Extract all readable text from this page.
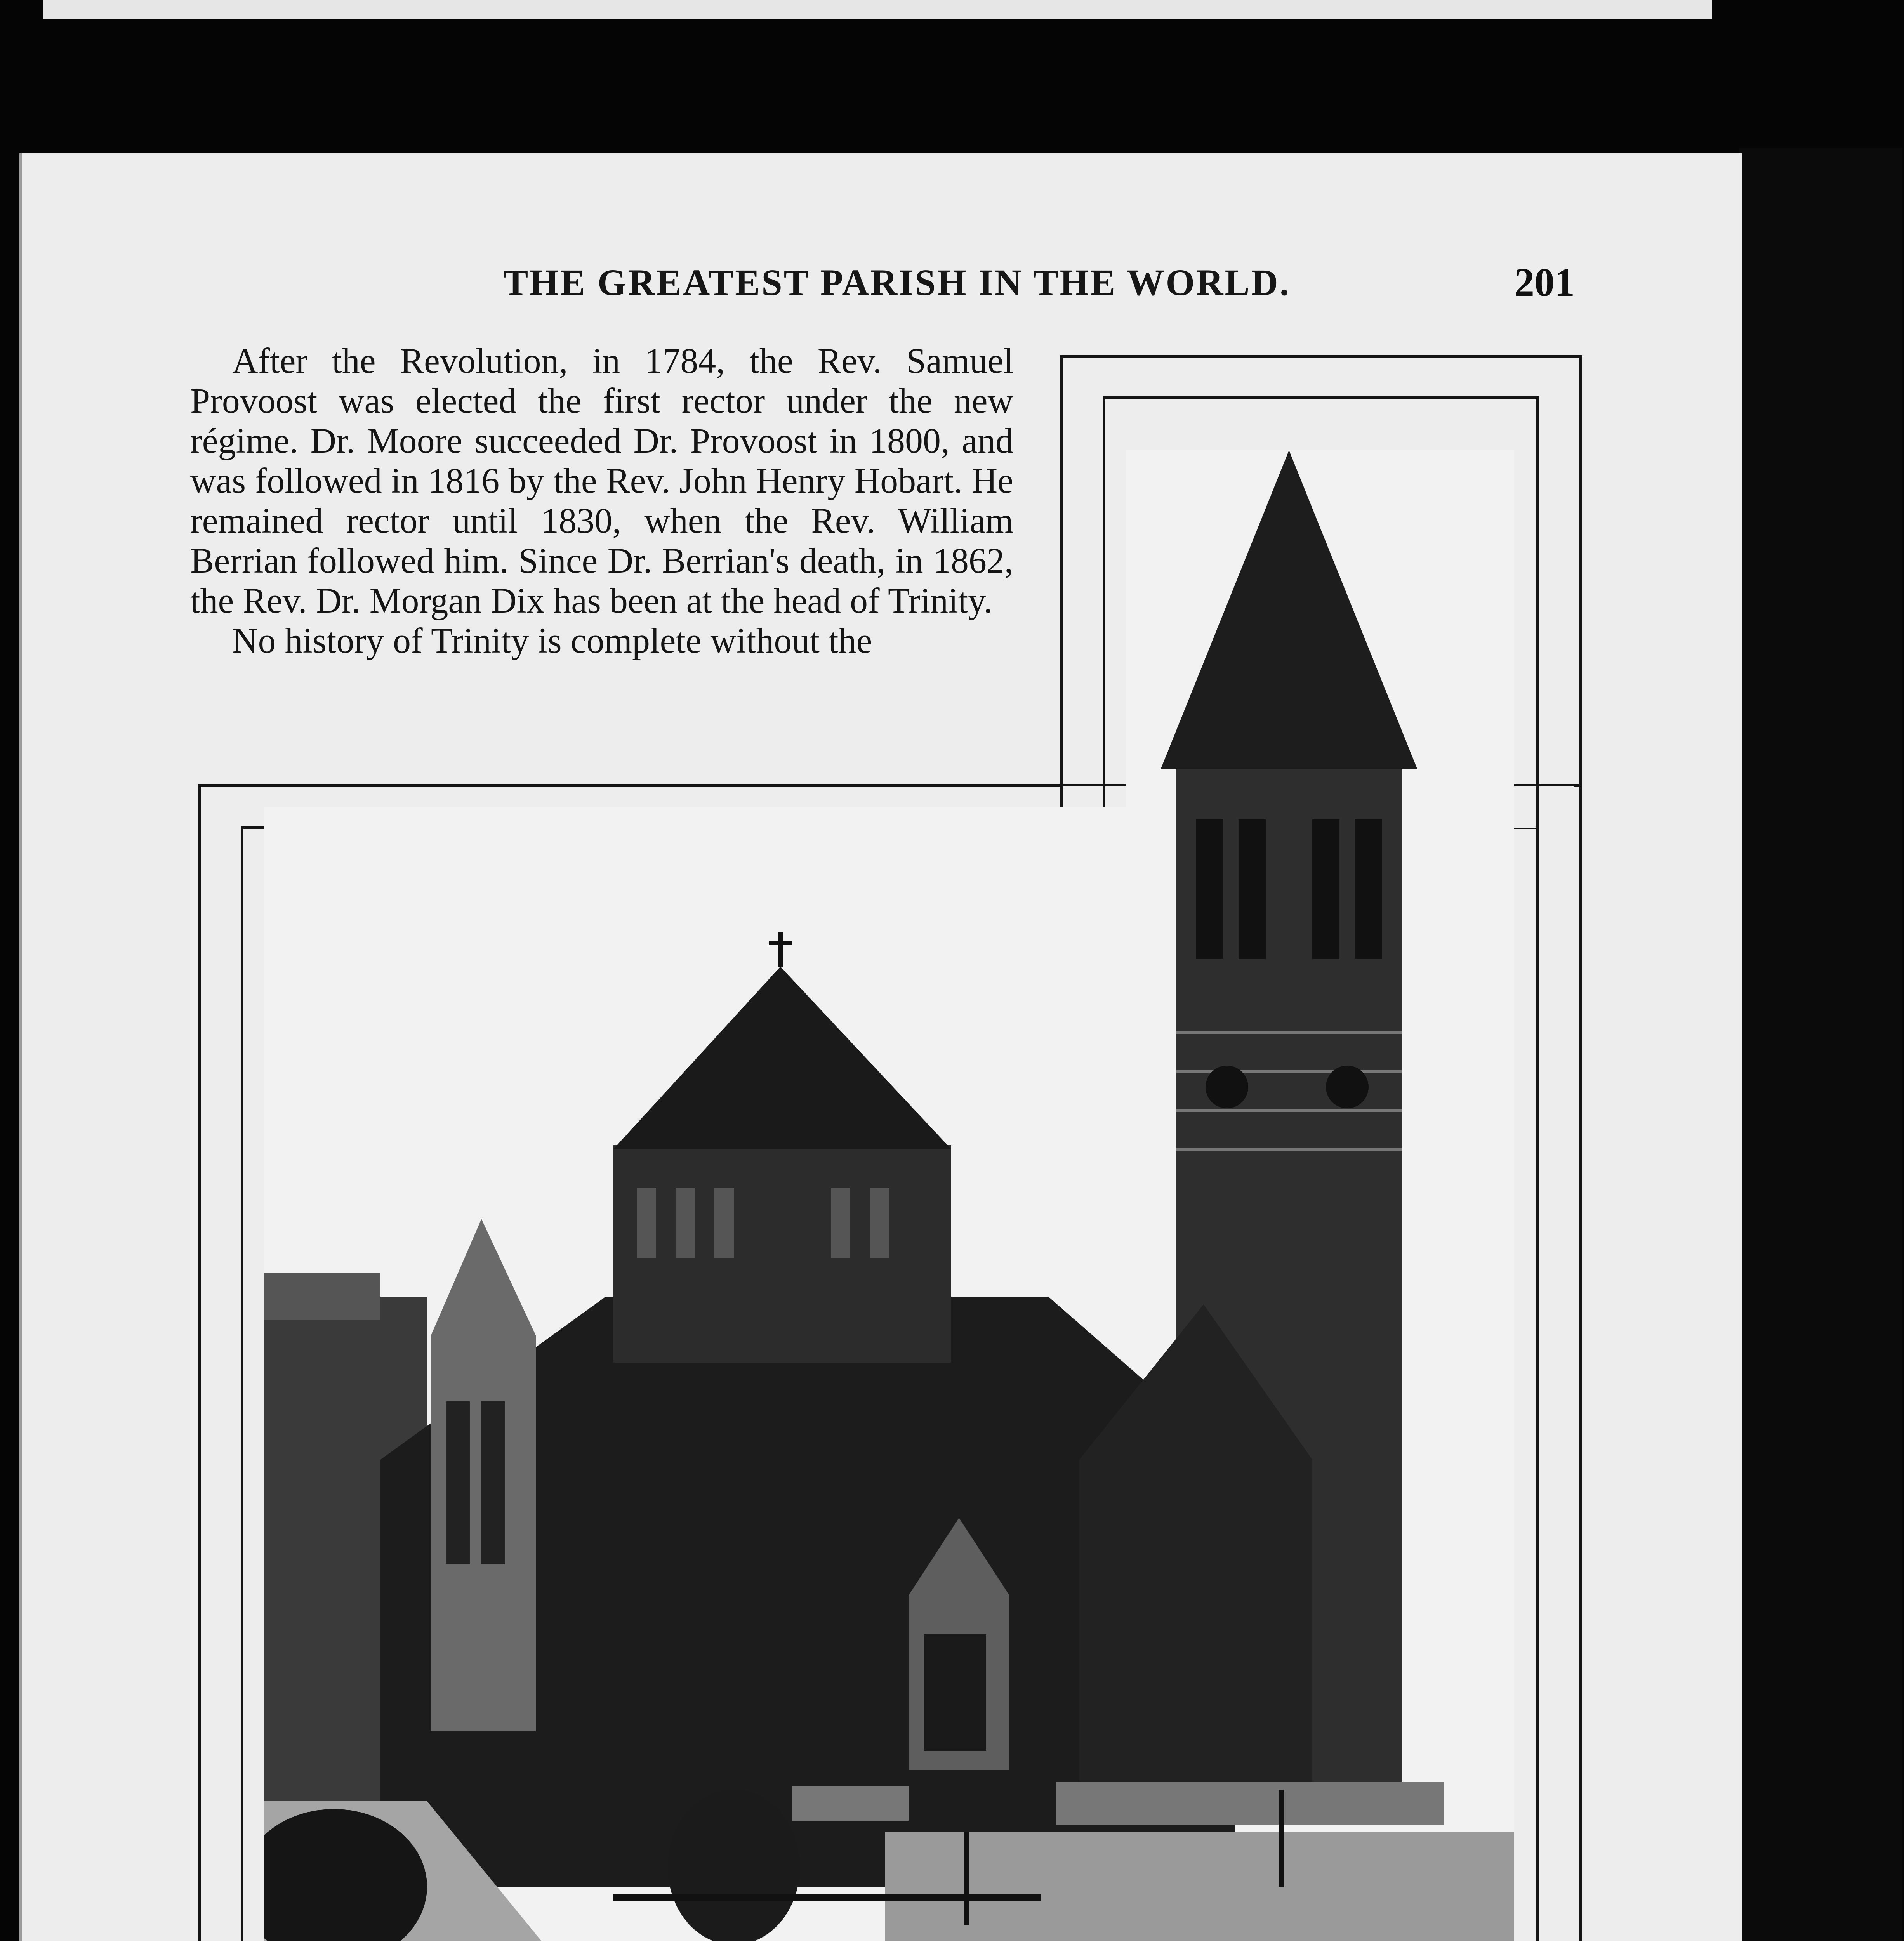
THE GREATEST PARISH IN THE WORLD.	201

After the Revolution, in 1784, the Rev. Samuel Provoost was elected the first rector under the new régime. Dr. Moore succeeded Dr. Provoost in 1800, and was followed in 1816 by the Rev. John Henry Hobart. He remained rector until 1830, when the Rev. William Berrian followed him. Since Dr. Berrian's death, in 1862, the Rev. Dr. Morgan Dix has been at the head of Trinity.

No history of Trinity is complete without the
